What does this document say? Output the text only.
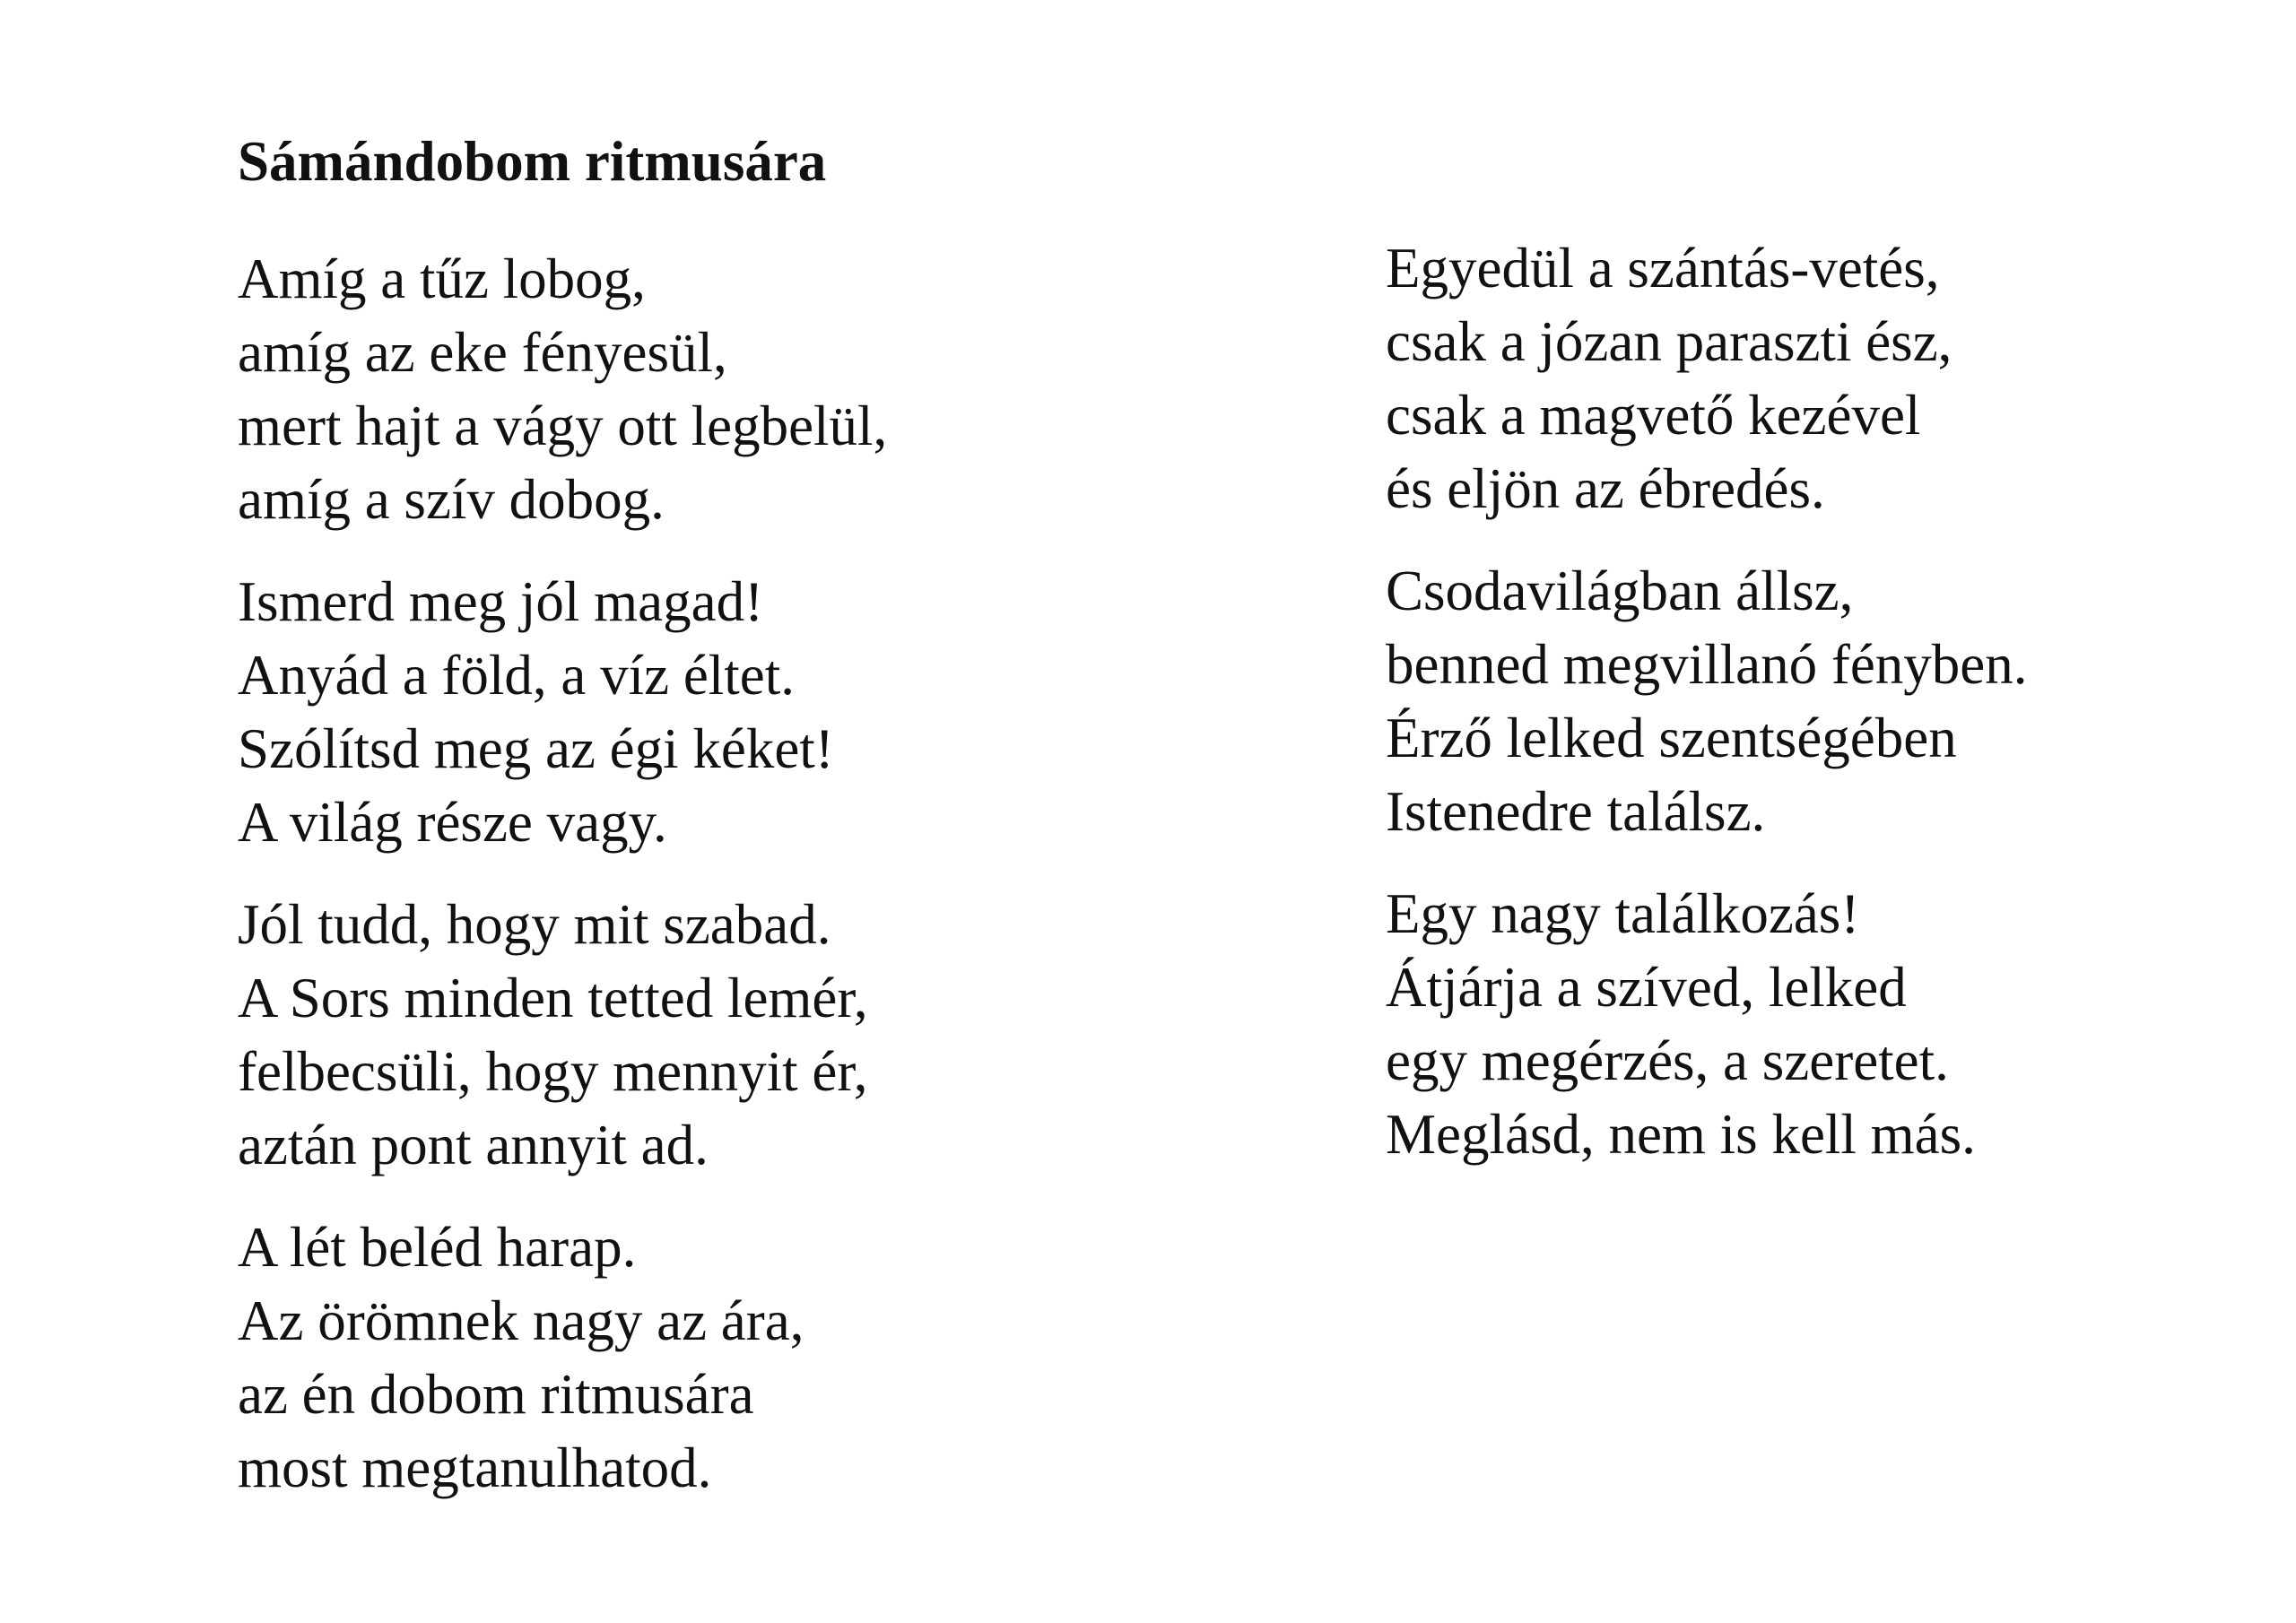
Sámándobom ritmusára
Amíg a tűz lobog,
amíg az eke fényesül,
mert hajt a vágy ott legbelül,
amíg a szív dobog.
Ismerd meg jól magad!
Anyád a föld, a víz éltet.
Szólítsd meg az égi kéket!
A világ része vagy.
Jól tudd, hogy mit szabad.
A Sors minden tetted lemér,
felbecsüli, hogy mennyit ér,
aztán pont annyit ad.
A lét beléd harap.
Az örömnek nagy az ára,
az én dobom ritmusára
most megtanulhatod.
Egyedül a szántás-vetés,
csak a józan paraszti ész,
csak a magvető kezével
és eljön az ébredés.
Csodavilágban állsz,
benned megvillanó fényben.
Érző lelked szentségében
Istenedre találsz.
Egy nagy találkozás!
Átjárja a szíved, lelked
egy megérzés, a szeretet.
Meglásd, nem is kell más.
